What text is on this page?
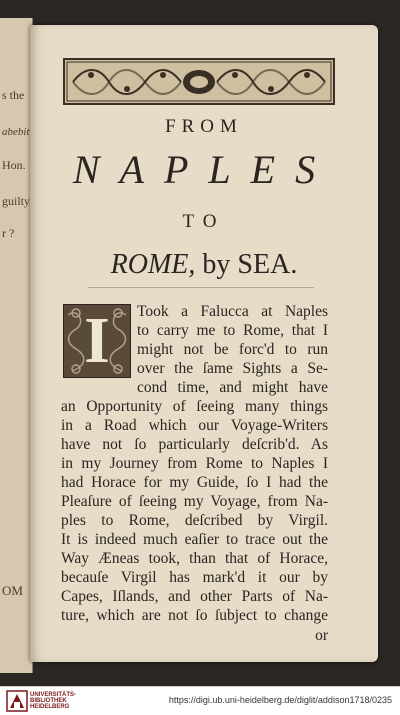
s the
abebit
Hon.
guilty
r ?
OM
FROM
NAPLES
TO
ROME, by SEA.
I	Took a Falucca at Naples
to carry me to Rome, that I
might not be forc'd to run
over the ſame Sights a Se-
cond time, and might have
an Opportunity of ſeeing many things
in a Road which our Voyage-Writers
have not ſo particularly deſcrib'd. As
in my Journey from Rome to Naples I
had Horace for my Guide, ſo I had the
Pleaſure of ſeeing my Voyage, from Na-
ples to Rome, deſcribed by Virgil.
It is indeed much eaſier to trace out the
Way Æneas took, than that of Horace,
becauſe Virgil has mark'd it our by
Capes, Iſlands, and other Parts of Na-
ture, which are not ſo ſubject to change
or
UNIVERSITÄTS-
BIBLIOTHEK
HEIDELBERG
https://digi.ub.uni-heidelberg.de/diglit/addison1718/0235
